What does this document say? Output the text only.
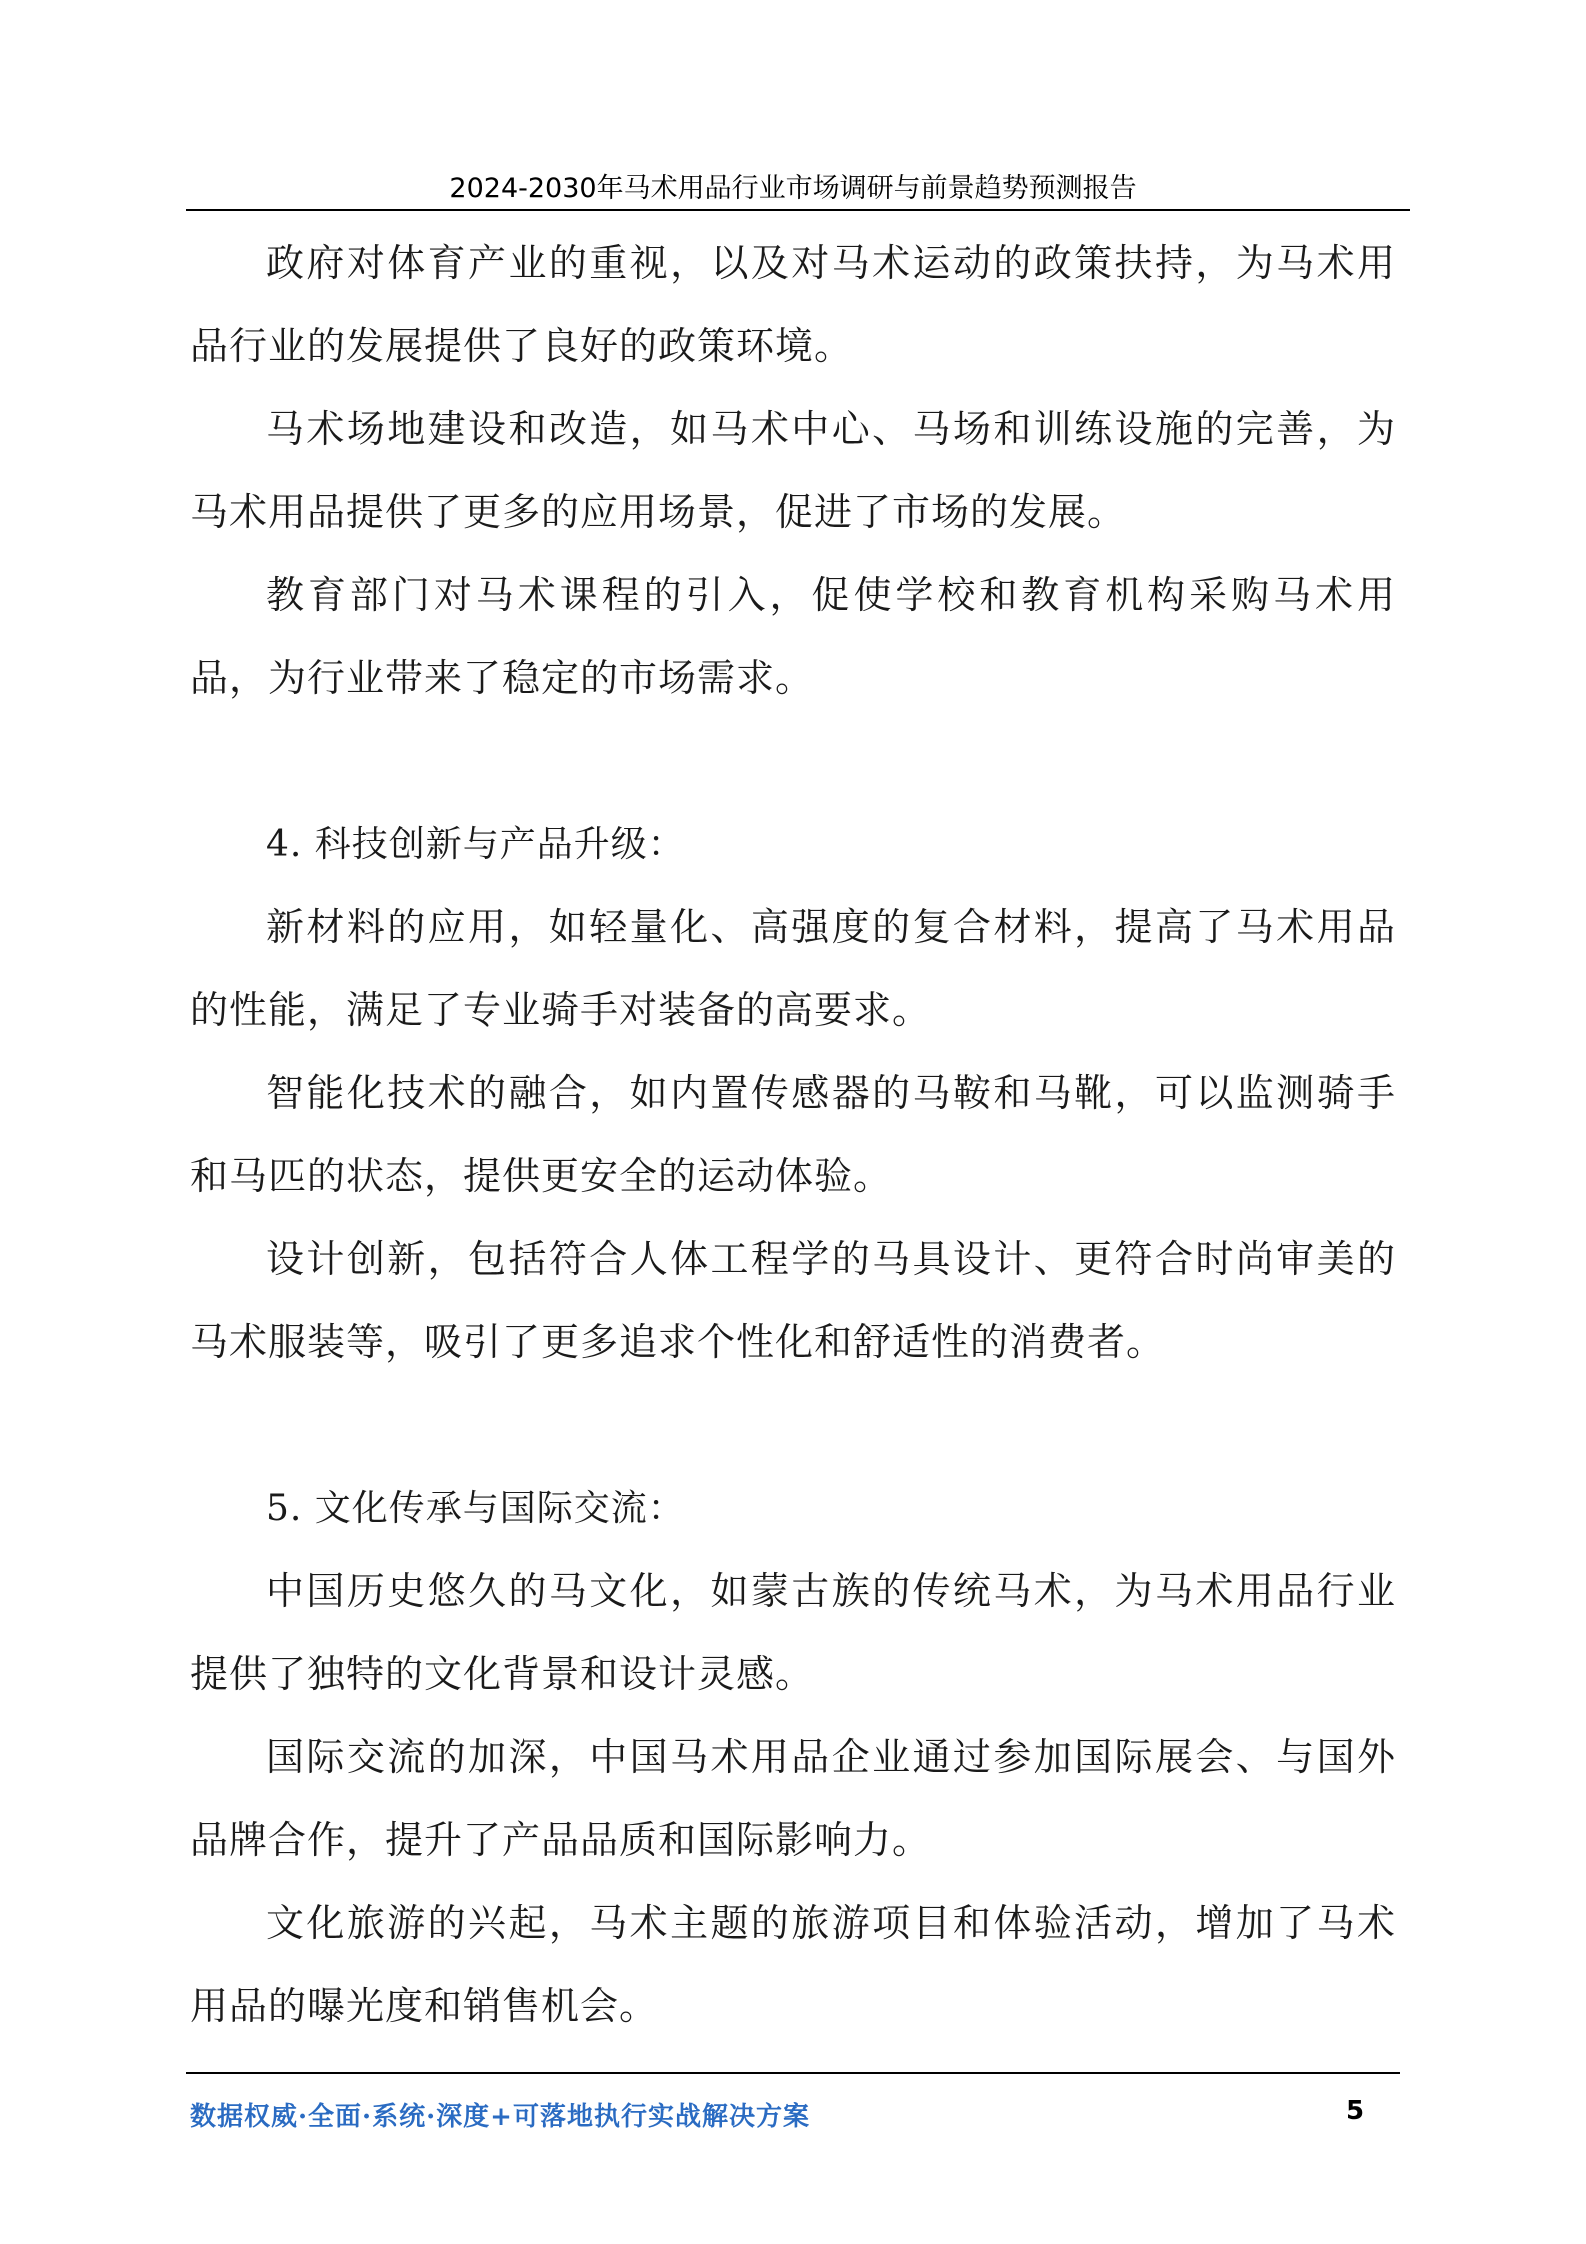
2024-2030年马术用品行业市场调研与前景趋势预测报告

政府对体育产业的重视，以及对马术运动的政策扶持，为马术用品行业的发展提供了良好的政策环境。

马术场地建设和改造，如马术中心、马场和训练设施的完善，为马术用品提供了更多的应用场景，促进了市场的发展。

教育部门对马术课程的引入，促使学校和教育机构采购马术用品，为行业带来了稳定的市场需求。

4. 科技创新与产品升级：

新材料的应用，如轻量化、高强度的复合材料，提高了马术用品的性能，满足了专业骑手对装备的高要求。

智能化技术的融合，如内置传感器的马鞍和马靴，可以监测骑手和马匹的状态，提供更安全的运动体验。

设计创新，包括符合人体工程学的马具设计、更符合时尚审美的马术服装等，吸引了更多追求个性化和舒适性的消费者。

5. 文化传承与国际交流：

中国历史悠久的马文化，如蒙古族的传统马术，为马术用品行业提供了独特的文化背景和设计灵感。

国际交流的加深，中国马术用品企业通过参加国际展会、与国外品牌合作，提升了产品品质和国际影响力。

文化旅游的兴起，马术主题的旅游项目和体验活动，增加了马术用品的曝光度和销售机会。

数据权威·全面·系统·深度+可落地执行实战解决方案	5
